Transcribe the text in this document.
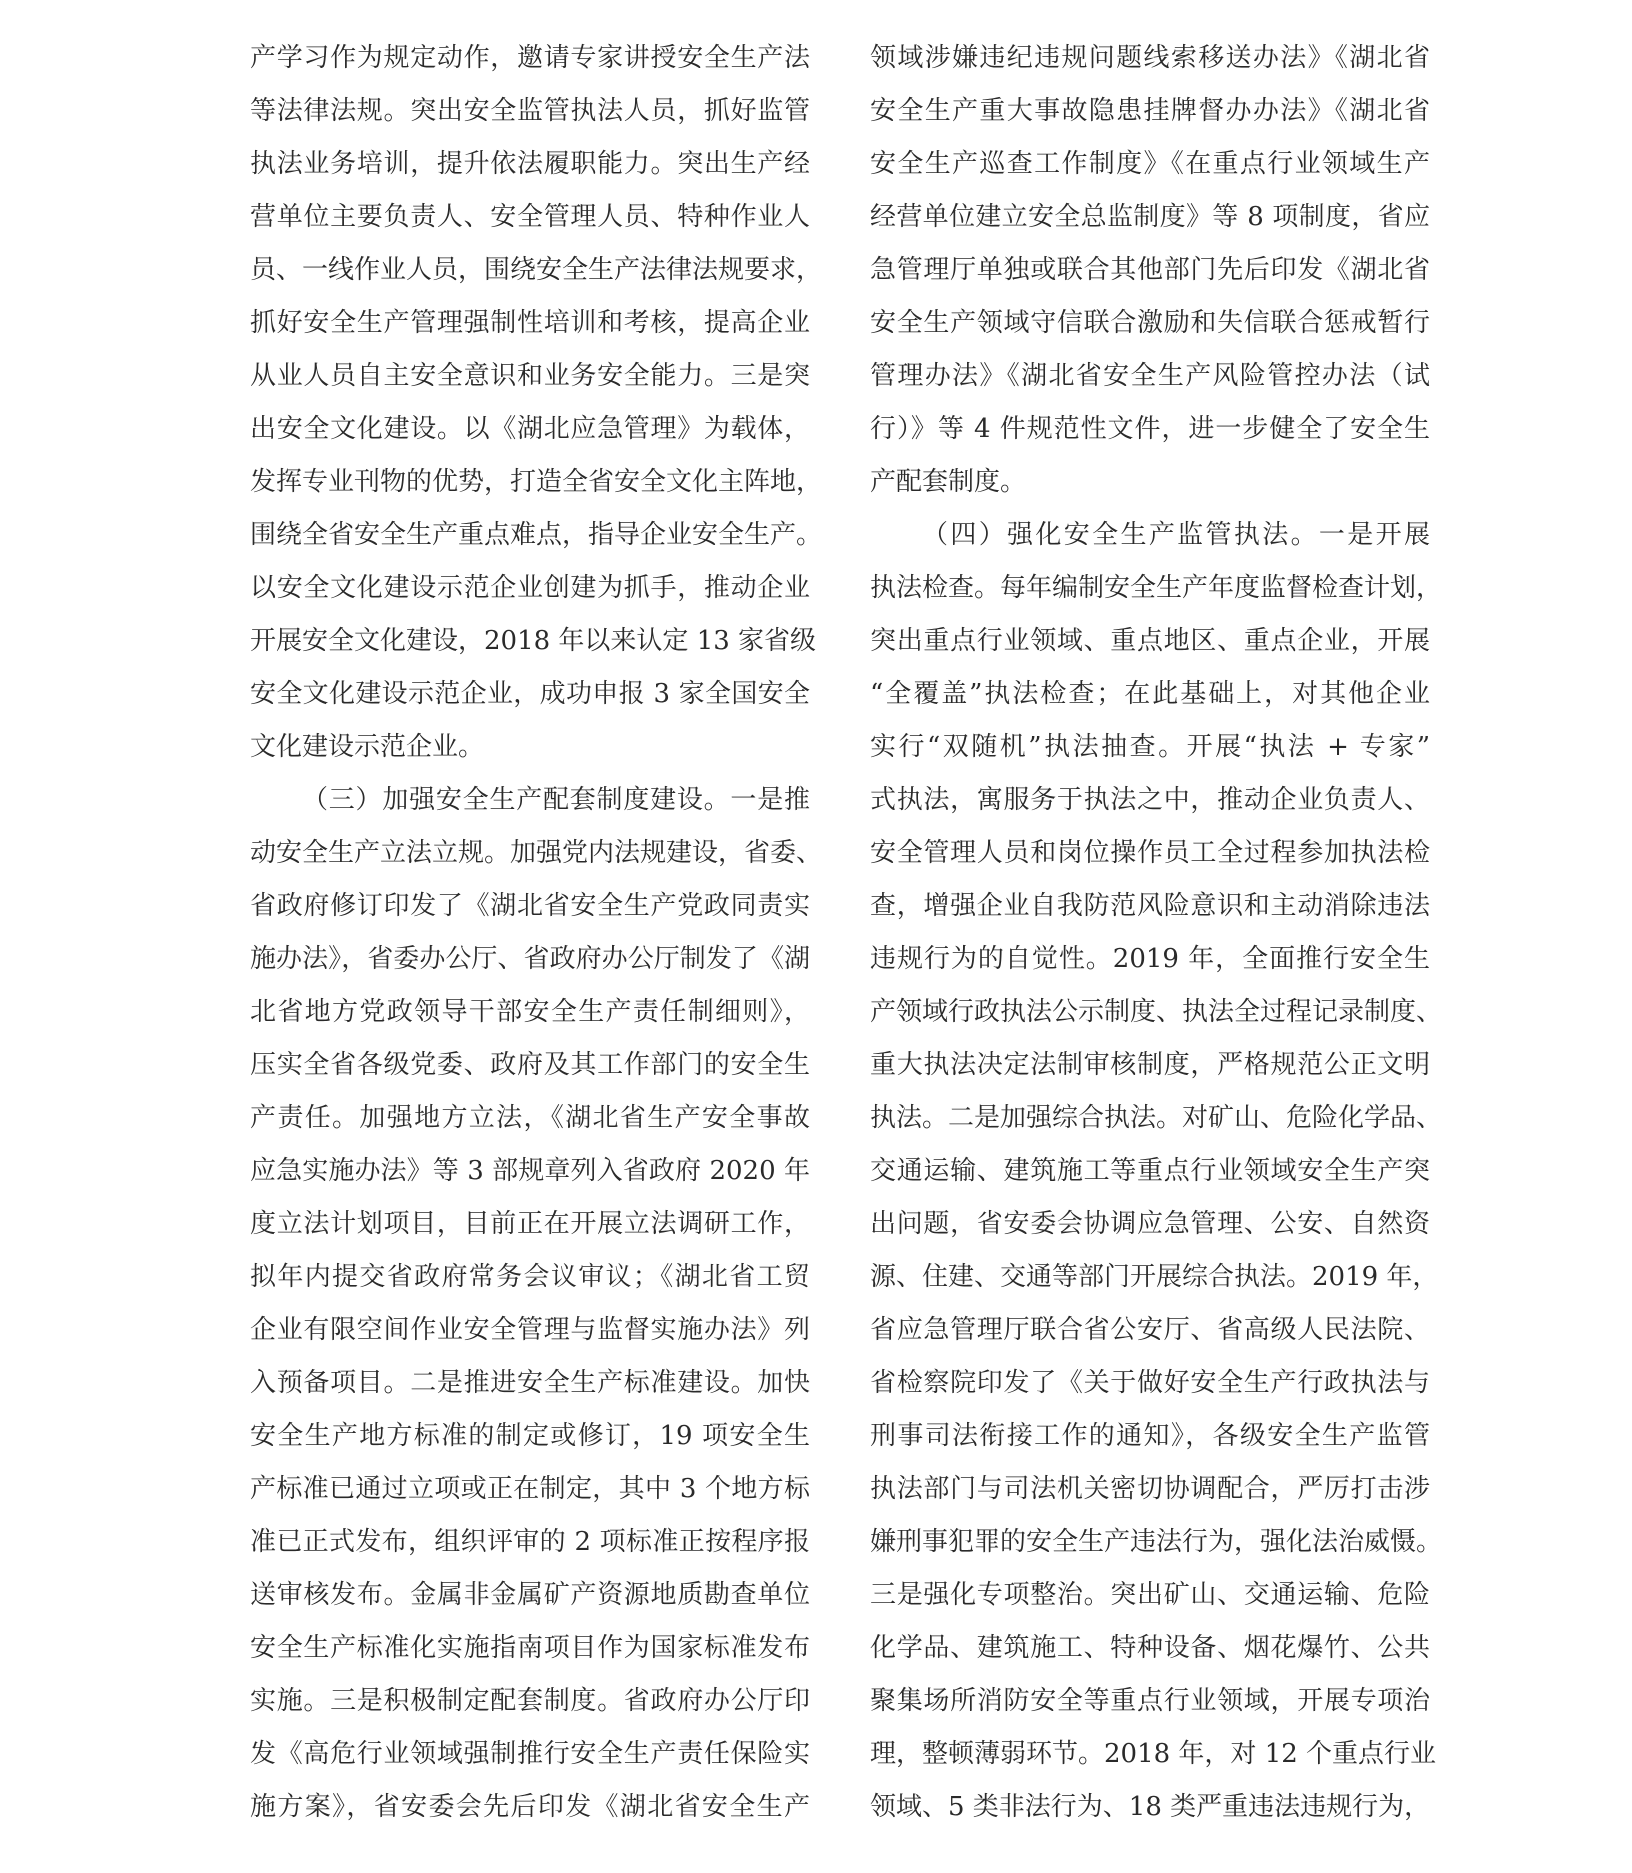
产学习作为规定动作，邀请专家讲授安全生产法
等法律法规。突出安全监管执法人员，抓好监管
执法业务培训，提升依法履职能力。突出生产经
营单位主要负责人、安全管理人员、特种作业人
员、一线作业人员，围绕安全生产法律法规要求，
抓好安全生产管理强制性培训和考核，提高企业
从业人员自主安全意识和业务安全能力。三是突
出安全文化建设。以《湖北应急管理》为载体，
发挥专业刊物的优势，打造全省安全文化主阵地，
围绕全省安全生产重点难点，指导企业安全生产。
以安全文化建设示范企业创建为抓手，推动企业
开展安全文化建设，2018 年以来认定 13 家省级
安全文化建设示范企业，成功申报 3 家全国安全
文化建设示范企业。
（三）加强安全生产配套制度建设。一是推
动安全生产立法立规。加强党内法规建设，省委、
省政府修订印发了《湖北省安全生产党政同责实
施办法》，省委办公厅、省政府办公厅制发了《湖
北省地方党政领导干部安全生产责任制细则》，
压实全省各级党委、政府及其工作部门的安全生
产责任。加强地方立法，《湖北省生产安全事故
应急实施办法》等 3 部规章列入省政府 2020 年
度立法计划项目，目前正在开展立法调研工作，
拟年内提交省政府常务会议审议；《湖北省工贸
企业有限空间作业安全管理与监督实施办法》列
入预备项目。二是推进安全生产标准建设。加快
安全生产地方标准的制定或修订，19 项安全生
产标准已通过立项或正在制定，其中 3 个地方标
准已正式发布，组织评审的 2 项标准正按程序报
送审核发布。金属非金属矿产资源地质勘查单位
安全生产标准化实施指南项目作为国家标准发布
实施。三是积极制定配套制度。省政府办公厅印
发《高危行业领域强制推行安全生产责任保险实
施方案》，省安委会先后印发《湖北省安全生产
领域涉嫌违纪违规问题线索移送办法》《湖北省
安全生产重大事故隐患挂牌督办办法》《湖北省
安全生产巡查工作制度》《在重点行业领域生产
经营单位建立安全总监制度》等 8 项制度，省应
急管理厅单独或联合其他部门先后印发《湖北省
安全生产领域守信联合激励和失信联合惩戒暂行
管理办法》《湖北省安全生产风险管控办法（试
行）》等 4 件规范性文件，进一步健全了安全生
产配套制度。
（四）强化安全生产监管执法。一是开展
执法检查。每年编制安全生产年度监督检查计划，
突出重点行业领域、重点地区、重点企业，开展
“全覆盖”执法检查；在此基础上，对其他企业
实行“双随机”执法抽查。开展“执法 + 专家”
式执法，寓服务于执法之中，推动企业负责人、
安全管理人员和岗位操作员工全过程参加执法检
查，增强企业自我防范风险意识和主动消除违法
违规行为的自觉性。2019 年，全面推行安全生
产领域行政执法公示制度、执法全过程记录制度、
重大执法决定法制审核制度，严格规范公正文明
执法。二是加强综合执法。对矿山、危险化学品、
交通运输、建筑施工等重点行业领域安全生产突
出问题，省安委会协调应急管理、公安、自然资
源、住建、交通等部门开展综合执法。2019 年，
省应急管理厅联合省公安厅、省高级人民法院、
省检察院印发了《关于做好安全生产行政执法与
刑事司法衔接工作的通知》，各级安全生产监管
执法部门与司法机关密切协调配合，严厉打击涉
嫌刑事犯罪的安全生产违法行为，强化法治威慑。
三是强化专项整治。突出矿山、交通运输、危险
化学品、建筑施工、特种设备、烟花爆竹、公共
聚集场所消防安全等重点行业领域，开展专项治
理，整顿薄弱环节。2018 年，对 12 个重点行业
领域、5 类非法行为、18 类严重违法违规行为，
